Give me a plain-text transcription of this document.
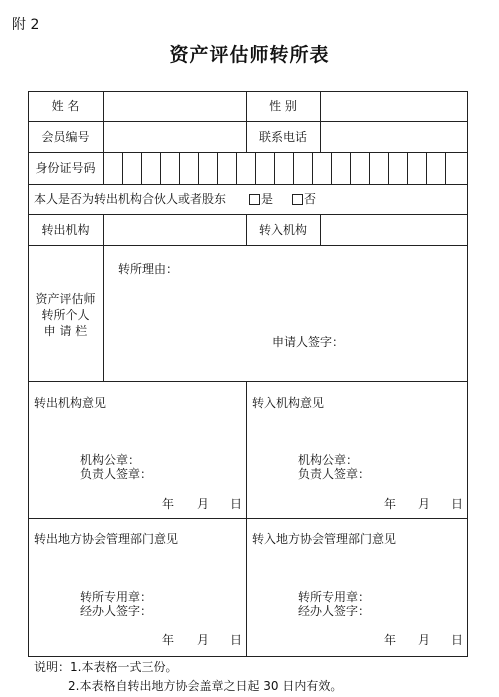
附 2
资产评估师转所表
姓 名	性 别
会员编号	联系电话
身份证号码
本人是否为转出机构合伙人或者股东	是	否
转出机构	转入机构
资产评估师
转所个人
申 请 栏
转所理由：
申请人签字：
转出机构意见
机构公章：
负责人签章：
年 月 日
转入机构意见
机构公章：
负责人签章：
年 月 日
转出地方协会管理部门意见
转所专用章：
经办人签字：
年 月 日
转入地方协会管理部门意见
转所专用章：
经办人签字：
年 月 日
说明：1.本表格一式三份。
2.本表格自转出地方协会盖章之日起 30 日内有效。
